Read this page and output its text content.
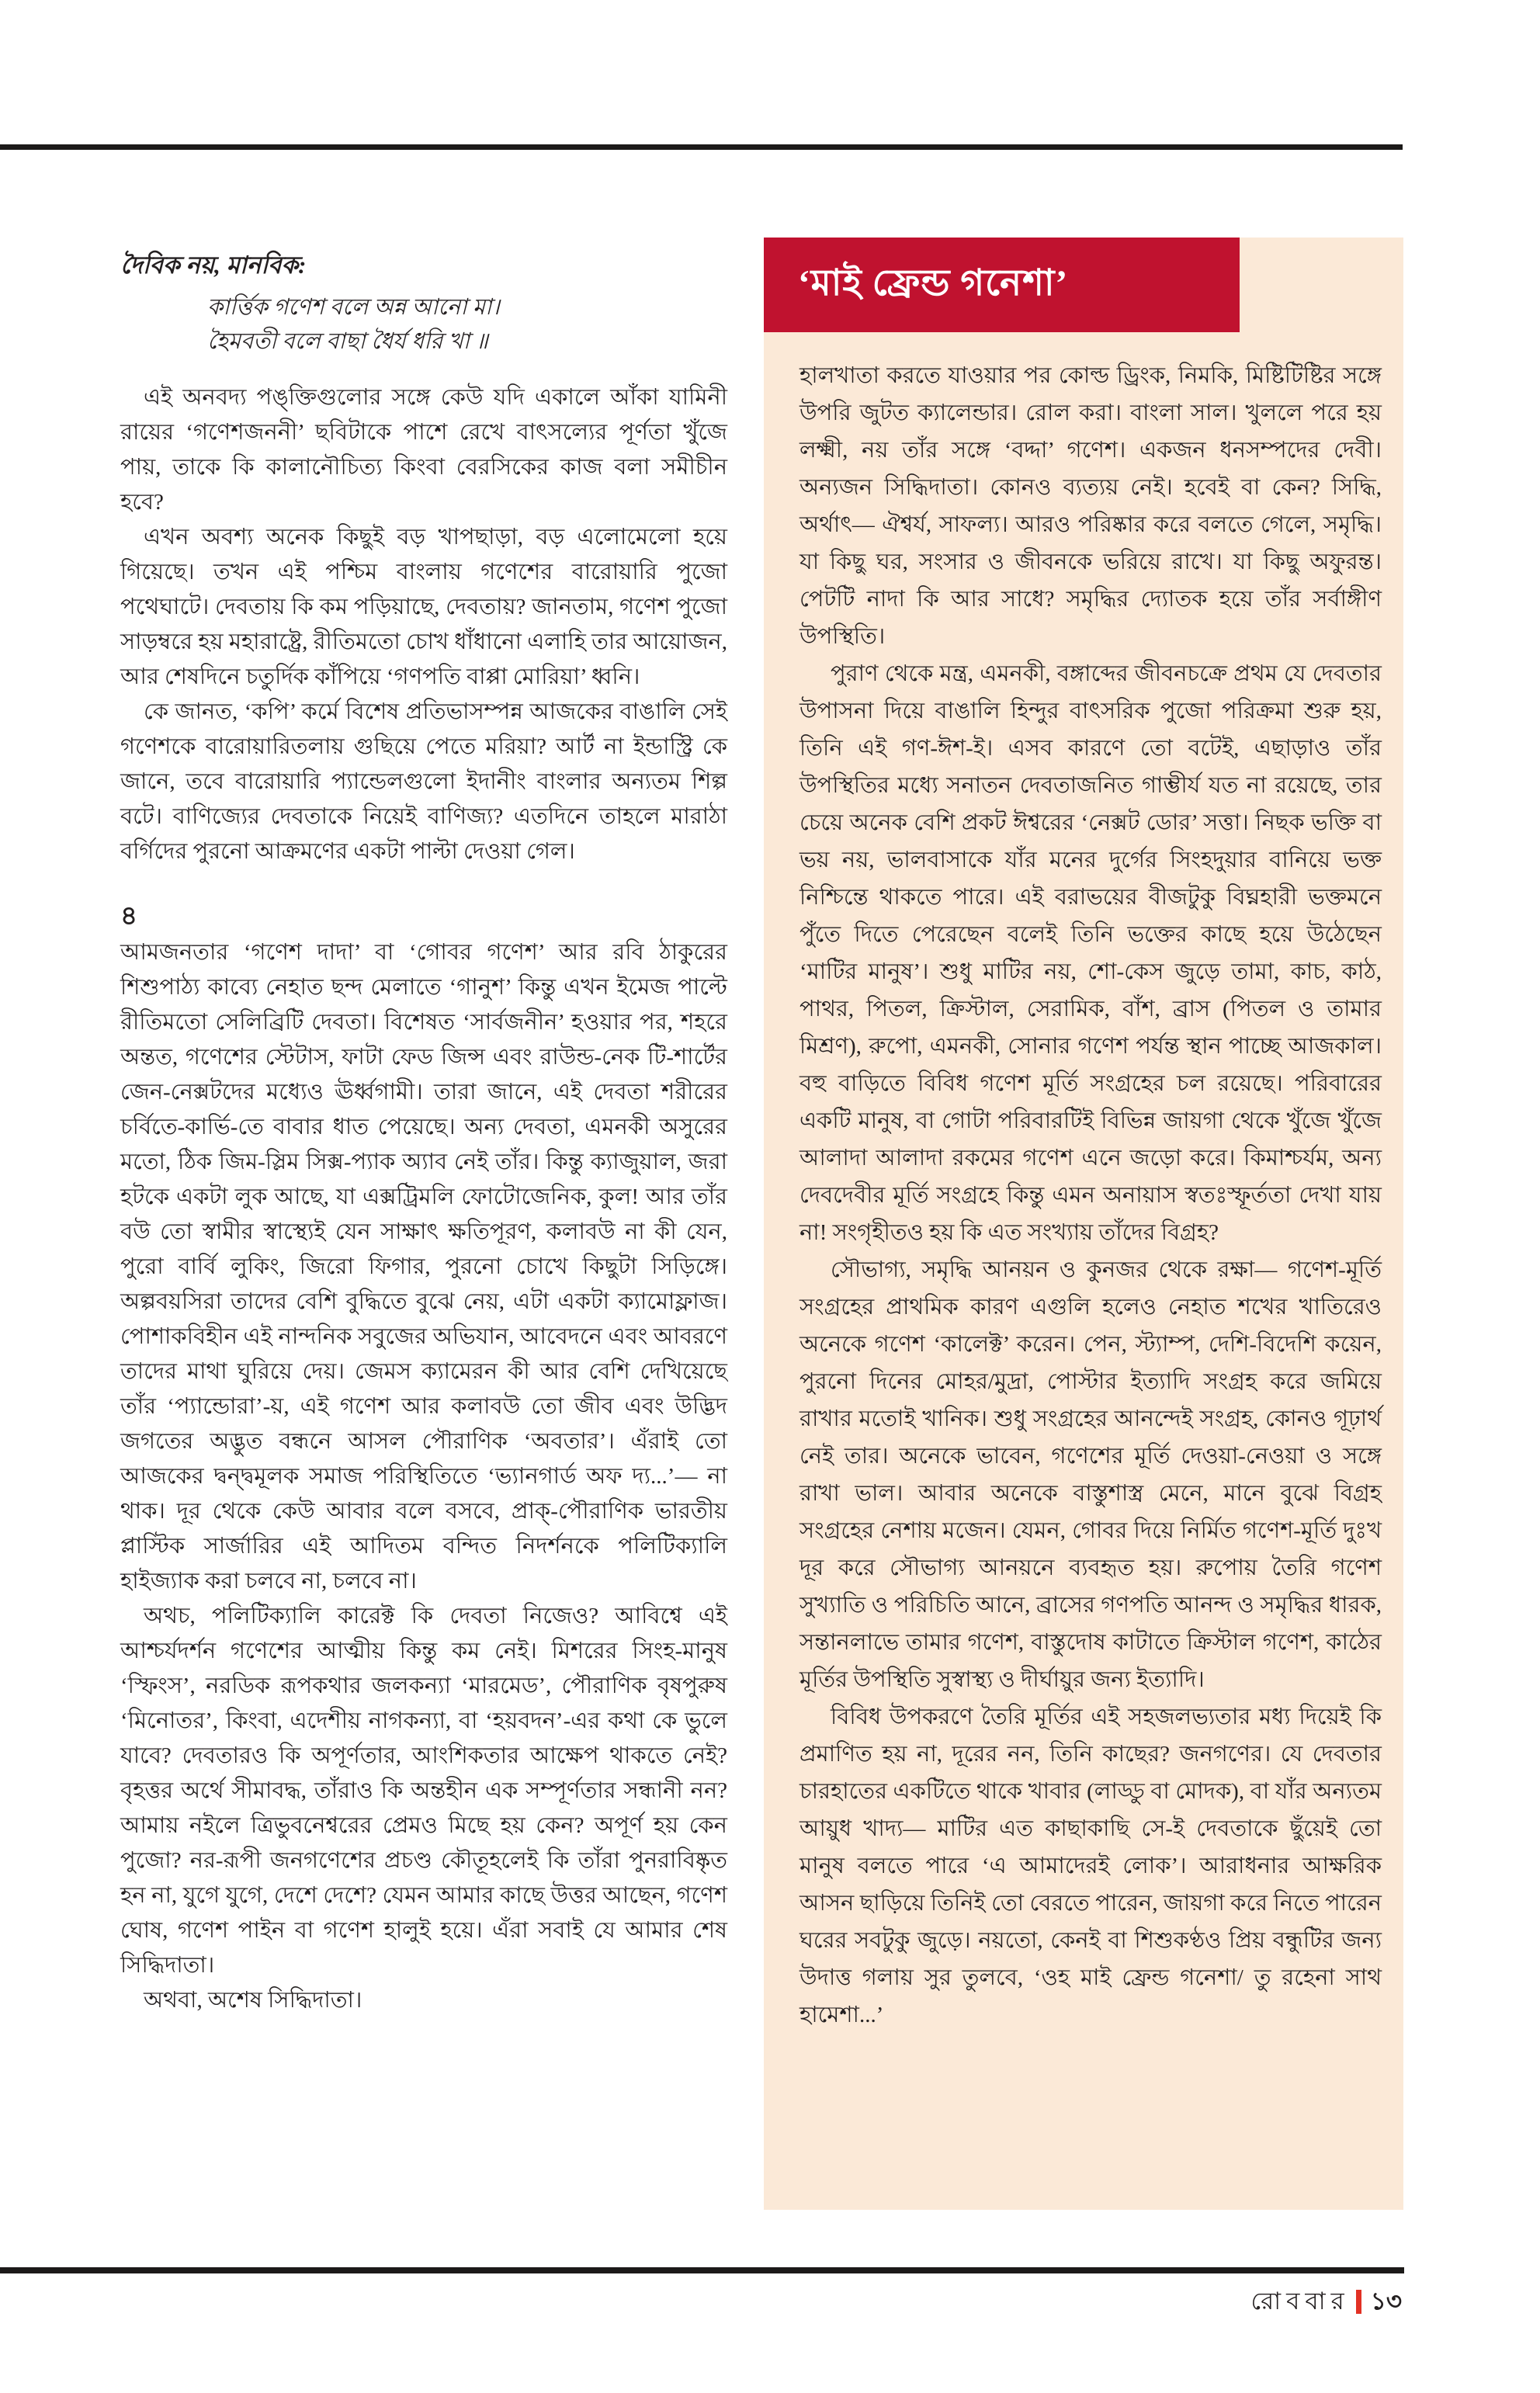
দৈবিক নয়, মানবিক:

কার্ত্তিক গণেশ বলে অন্ন আনো মা।
হৈমবতী বলে বাছা ধৈর্য ধরি খা ॥

এই অনবদ্য পঙ্‌ক্তিগুলোর সঙ্গে কেউ যদি একালে আঁকা যামিনী রায়ের ‘গণেশজননী’ ছবিটাকে পাশে রেখে বাৎসল্যের পূর্ণতা খুঁজে পায়, তাকে কি কালানৌচিত্য কিংবা বেরসিকের কাজ বলা সমীচীন হবে?

এখন অবশ্য অনেক কিছুই বড় খাপছাড়া, বড় এলোমেলো হয়ে গিয়েছে। তখন এই পশ্চিম বাংলায় গণেশের বারোয়ারি পুজো পথেঘাটে। দেবতায় কি কম পড়িয়াছে, দেবতায়? জানতাম, গণেশ পুজো সাড়ম্বরে হয় মহারাষ্ট্রে, রীতিমতো চোখ ধাঁধানো এলাহি তার আয়োজন, আর শেষদিনে চতুর্দিক কাঁপিয়ে ‘গণপতি বাপ্পা মোরিয়া’ ধ্বনি।

কে জানত, ‘কপি’ কর্মে বিশেষ প্রতিভাসম্পন্ন আজকের বাঙালি সেই গণেশকে বারোয়ারিতলায় গুছিয়ে পেতে মরিয়া? আর্ট না ইন্ডাস্ট্রি কে জানে, তবে বারোয়ারি প্যান্ডেলগুলো ইদানীং বাংলার অন্যতম শিল্প বটে। বাণিজ্যের দেবতাকে নিয়েই বাণিজ্য? এতদিনে তাহলে মারাঠা বর্গিদের পুরনো আক্রমণের একটা পাল্টা দেওয়া গেল।

৪

আমজনতার ‘গণেশ দাদা’ বা ‘গোবর গণেশ’ আর রবি ঠাকুরের শিশুপাঠ্য কাব্যে নেহাত ছন্দ মেলাতে ‘গানুশ’ কিন্তু এখন ইমেজ পাল্টে রীতিমতো সেলিব্রিটি দেবতা। বিশেষত ‘সার্বজনীন’ হওয়ার পর, শহরে অন্তত, গণেশের স্টেটাস, ফাটা ফেড জিন্স এবং রাউন্ড-নেক টি-শার্টের জেন-নেক্সটদের মধ্যেও ঊর্ধ্বগামী। তারা জানে, এই দেবতা শরীরের চর্বিতে-কার্ভি-তে বাবার ধাত পেয়েছে। অন্য দেবতা, এমনকী অসুরের মতো, ঠিক জিম-স্লিম সিক্স-প্যাক অ্যাব নেই তাঁর। কিন্তু ক্যাজুয়াল, জরা হটকে একটা লুক আছে, যা এক্সট্রিমলি ফোটোজেনিক, কুল! আর তাঁর বউ তো স্বামীর স্বাস্থ্যেই যেন সাক্ষাৎ ক্ষতিপূরণ, কলাবউ না কী যেন, পুরো বার্বি লুকিং, জিরো ফিগার, পুরনো চোখে কিছুটা সিড়িঙ্গে। অল্পবয়সিরা তাদের বেশি বুদ্ধিতে বুঝে নেয়, এটা একটা ক্যামোফ্লাজ। পোশাকবিহীন এই নান্দনিক সবুজের অভিযান, আবেদনে এবং আবরণে তাদের মাথা ঘুরিয়ে দেয়। জেমস ক্যামেরন কী আর বেশি দেখিয়েছে তাঁর ‘প্যান্ডোরা’-য়, এই গণেশ আর কলাবউ তো জীব এবং উদ্ভিদ জগতের অদ্ভুত বন্ধনে আসল পৌরাণিক ‘অবতার’। এঁরাই তো আজকের দ্বন্দ্বমূলক সমাজ পরিস্থিতিতে ‘ভ্যানগার্ড অফ দ্য...’— না থাক। দূর থেকে কেউ আবার বলে বসবে, প্রাক্-পৌরাণিক ভারতীয় প্লাস্টিক সার্জারির এই আদিতম বন্দিত নিদর্শনকে পলিটিক্যালি হাইজ্যাক করা চলবে না, চলবে না।

অথচ, পলিটিক্যালি কারেক্ট কি দেবতা নিজেও? আবিশ্বে এই আশ্চর্যদর্শন গণেশের আত্মীয় কিন্তু কম নেই। মিশরের সিংহ-মানুষ ‘স্ফিংস’, নরডিক রূপকথার জলকন্যা ‘মারমেড’, পৌরাণিক বৃষপুরুষ ‘মিনোতর’, কিংবা, এদেশীয় নাগকন্যা, বা ‘হয়বদন’-এর কথা কে ভুলে যাবে? দেবতারও কি অপূর্ণতার, আংশিকতার আক্ষেপ থাকতে নেই? বৃহত্তর অর্থে সীমাবদ্ধ, তাঁরাও কি অন্তহীন এক সম্পূর্ণতার সন্ধানী নন? আমায় নইলে ত্রিভুবনেশ্বরের প্রেমও মিছে হয় কেন? অপূর্ণ হয় কেন পুজো? নর-রূপী জনগণেশের প্রচণ্ড কৌতূহলেই কি তাঁরা পুনরাবিষ্কৃত হন না, যুগে যুগে, দেশে দেশে? যেমন আমার কাছে উত্তর আছেন, গণেশ ঘোষ, গণেশ পাইন বা গণেশ হালুই হয়ে। এঁরা সবাই যে আমার শেষ সিদ্ধিদাতা।

অথবা, অশেষ সিদ্ধিদাতা।

‘মাই ফ্রেন্ড গনেশা’

হালখাতা করতে যাওয়ার পর কোল্ড ড্রিংক, নিমকি, মিষ্টিটিষ্টির সঙ্গে উপরি জুটত ক্যালেন্ডার। রোল করা। বাংলা সাল। খুললে পরে হয় লক্ষ্মী, নয় তাঁর সঙ্গে ‘বদ্দা’ গণেশ। একজন ধনসম্পদের দেবী। অন্যজন সিদ্ধিদাতা। কোনও ব্যত্যয় নেই। হবেই বা কেন? সিদ্ধি, অর্থাৎ— ঐশ্বর্য, সাফল্য। আরও পরিষ্কার করে বলতে গেলে, সমৃদ্ধি। যা কিছু ঘর, সংসার ও জীবনকে ভরিয়ে রাখে। যা কিছু অফুরন্ত। পেটটি নাদা কি আর সাধে? সমৃদ্ধির দ্যোতক হয়ে তাঁর সর্বাঙ্গীণ উপস্থিতি।

পুরাণ থেকে মন্ত্র, এমনকী, বঙ্গাব্দের জীবনচক্রে প্রথম যে দেবতার উপাসনা দিয়ে বাঙালি হিন্দুর বাৎসরিক পুজো পরিক্রমা শুরু হয়, তিনি এই গণ-ঈশ-ই। এসব কারণে তো বটেই, এছাড়াও তাঁর উপস্থিতির মধ্যে সনাতন দেবতাজনিত গাম্ভীর্য যত না রয়েছে, তার চেয়ে অনেক বেশি প্রকট ঈশ্বরের ‘নেক্সট ডোর’ সত্তা। নিছক ভক্তি বা ভয় নয়, ভালবাসাকে যাঁর মনের দুর্গের সিংহদুয়ার বানিয়ে ভক্ত নিশ্চিন্তে থাকতে পারে। এই বরাভয়ের বীজটুকু বিঘ্নহারী ভক্তমনে পুঁতে দিতে পেরেছেন বলেই তিনি ভক্তের কাছে হয়ে উঠেছেন ‘মাটির মানুষ’। শুধু মাটির নয়, শো-কেস জুড়ে তামা, কাচ, কাঠ, পাথর, পিতল, ক্রিস্টাল, সেরামিক, বাঁশ, ব্রাস (পিতল ও তামার মিশ্রণ), রুপো, এমনকী, সোনার গণেশ পর্যন্ত স্থান পাচ্ছে আজকাল। বহু বাড়িতে বিবিধ গণেশ মূর্তি সংগ্রহের চল রয়েছে। পরিবারের একটি মানুষ, বা গোটা পরিবারটিই বিভিন্ন জায়গা থেকে খুঁজে খুঁজে আলাদা আলাদা রকমের গণেশ এনে জড়ো করে। কিমাশ্চর্যম, অন্য দেবদেবীর মূর্তি সংগ্রহে কিন্তু এমন অনায়াস স্বতঃস্ফূর্ততা দেখা যায় না! সংগৃহীতও হয় কি এত সংখ্যায় তাঁদের বিগ্রহ?

সৌভাগ্য, সমৃদ্ধি আনয়ন ও কুনজর থেকে রক্ষা— গণেশ-মূর্তি সংগ্রহের প্রাথমিক কারণ এগুলি হলেও নেহাত শখের খাতিরেও অনেকে গণেশ ‘কালেক্ট’ করেন। পেন, স্ট্যাম্প, দেশি-বিদেশি কয়েন, পুরনো দিনের মোহর/মুদ্রা, পোস্টার ইত্যাদি সংগ্রহ করে জমিয়ে রাখার মতোই খানিক। শুধু সংগ্রহের আনন্দেই সংগ্রহ, কোনও গূঢ়ার্থ নেই তার। অনেকে ভাবেন, গণেশের মূর্তি দেওয়া-নেওয়া ও সঙ্গে রাখা ভাল। আবার অনেকে বাস্তুশাস্ত্র মেনে, মানে বুঝে বিগ্রহ সংগ্রহের নেশায় মজেন। যেমন, গোবর দিয়ে নির্মিত গণেশ-মূর্তি দুঃখ দূর করে সৌভাগ্য আনয়নে ব্যবহৃত হয়। রুপোয় তৈরি গণেশ সুখ্যাতি ও পরিচিতি আনে, ব্রাসের গণপতি আনন্দ ও সমৃদ্ধির ধারক, সন্তানলাভে তামার গণেশ, বাস্তুদোষ কাটাতে ক্রিস্টাল গণেশ, কাঠের মূর্তির উপস্থিতি সুস্বাস্থ্য ও দীর্ঘায়ুর জন্য ইত্যাদি।

বিবিধ উপকরণে তৈরি মূর্তির এই সহজলভ্যতার মধ্য দিয়েই কি প্রমাণিত হয় না, দূরের নন, তিনি কাছের? জনগণের। যে দেবতার চারহাতের একটিতে থাকে খাবার (লাড্ডু বা মোদক), বা যাঁর অন্যতম আয়ুধ খাদ্য— মাটির এত কাছাকাছি সে-ই দেবতাকে ছুঁয়েই তো মানুষ বলতে পারে ‘এ আমাদেরই লোক’। আরাধনার আক্ষরিক আসন ছাড়িয়ে তিনিই তো বেরতে পারেন, জায়গা করে নিতে পারেন ঘরের সবটুকু জুড়ে। নয়তো, কেনই বা শিশুকণ্ঠও প্রিয় বন্ধুটির জন্য উদাত্ত গলায় সুর তুলবে, ‘ওহ মাই ফ্রেন্ড গনেশা/ তু রহেনা সাথ হামেশা...’

রোববার ১৩
